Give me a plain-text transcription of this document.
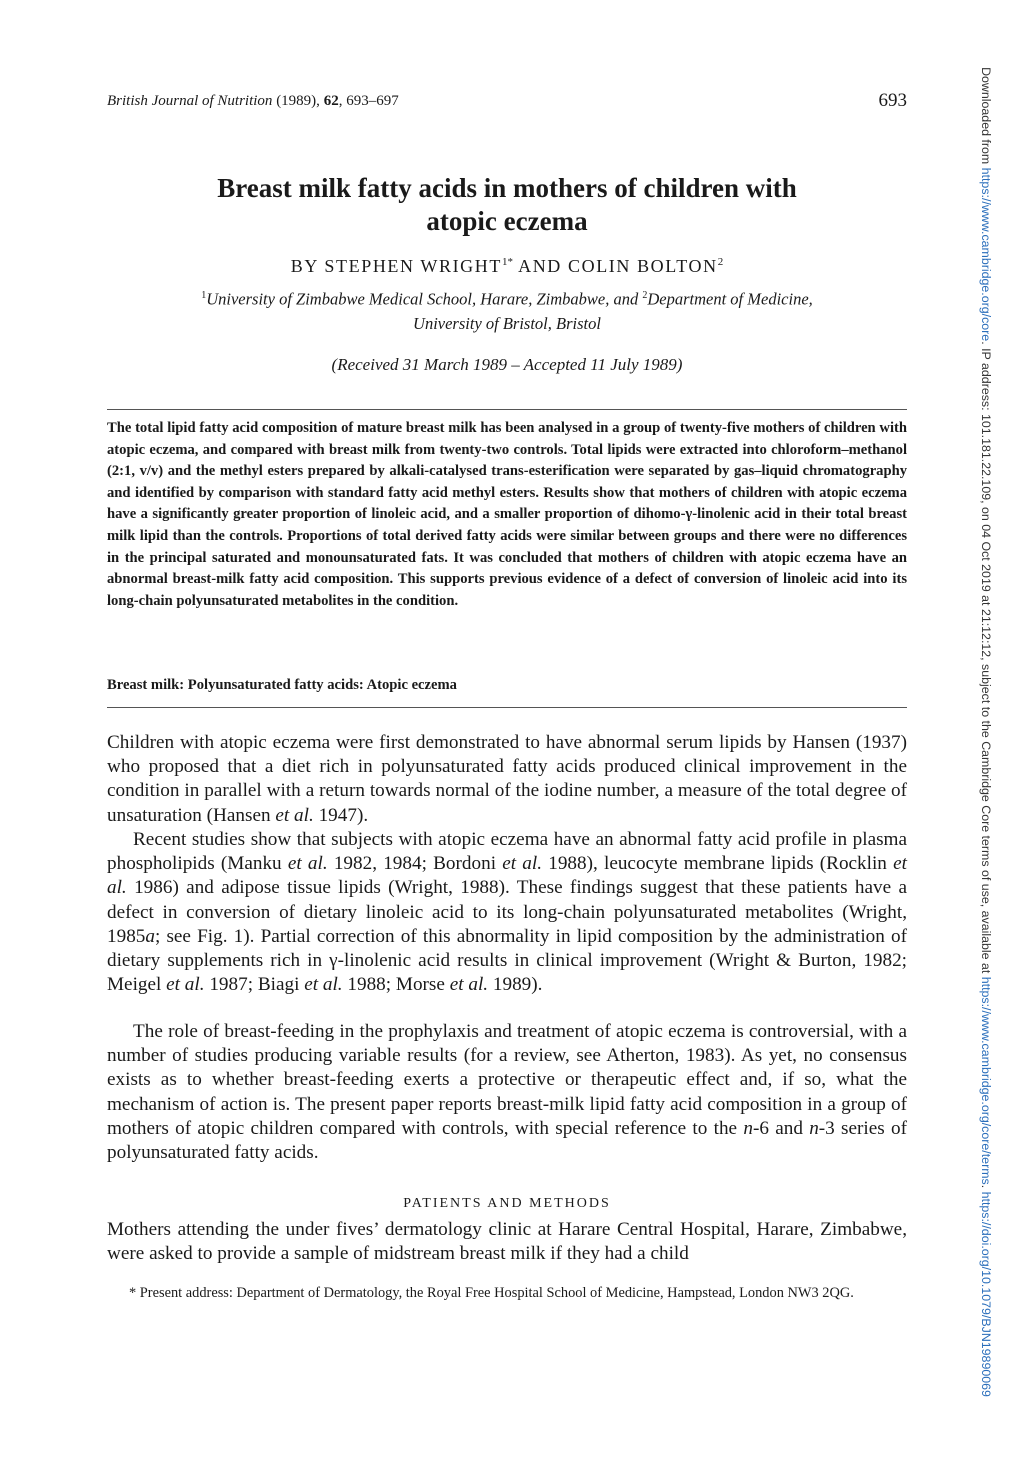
British Journal of Nutrition (1989), 62, 693–697	693
Breast milk fatty acids in mothers of children with
atopic eczema
BY STEPHEN $WRIGHT^{1*}$ AND COLIN BOLTON$^2$
$^1$University of Zimbabwe Medical School, Harare, Zimbabwe, and $^2$Department of Medicine,
University of Bristol, Bristol
(Received 31 March 1989 – Accepted 11 July 1989)

The total lipid fatty acid composition of mature breast milk has been analysed in a group of twenty-five mothers of children with atopic eczema, and compared with breast milk from twenty-two controls. Total lipids were extracted into chloroform–methanol (2:1, v/v) and the methyl esters prepared by alkali-catalysed trans-esterification were separated by gas–liquid chromatography and identified by comparison with standard fatty acid methyl esters. Results show that mothers of children with atopic eczema have a significantly greater proportion of linoleic acid, and a smaller proportion of dihomo-γ-linolenic acid in their total breast milk lipid than the controls. Proportions of total derived fatty acids were similar between groups and there were no differences in the principal saturated and monounsaturated fats. It was concluded that mothers of children with atopic eczema have an abnormal breast-milk fatty acid composition. This supports previous evidence of a defect of conversion of linoleic acid into its long-chain polyunsaturated metabolites in the condition.

Breast milk: Polyunsaturated fatty acids: Atopic eczema

Children with atopic eczema were first demonstrated to have abnormal serum lipids by Hansen (1937) who proposed that a diet rich in polyunsaturated fatty acids produced clinical improvement in the condition in parallel with a return towards normal of the iodine number, a measure of the total degree of unsaturation (Hansen et al. 1947).

Recent studies show that subjects with atopic eczema have an abnormal fatty acid profile in plasma phospholipids (Manku et al. 1982, 1984; Bordoni et al. 1988), leucocyte membrane lipids (Rocklin et al. 1986) and adipose tissue lipids (Wright, 1988). These findings suggest that these patients have a defect in conversion of dietary linoleic acid to its long-chain polyunsaturated metabolites (Wright, 1985a; see Fig. 1). Partial correction of this abnormality in lipid composition by the administration of dietary supplements rich in γ-linolenic acid results in clinical improvement (Wright & Burton, 1982; Meigel et al. 1987; Biagi et al. 1988; Morse et al. 1989).

The role of breast-feeding in the prophylaxis and treatment of atopic eczema is controversial, with a number of studies producing variable results (for a review, see Atherton, 1983). As yet, no consensus exists as to whether breast-feeding exerts a protective or therapeutic effect and, if so, what the mechanism of action is. The present paper reports breast-milk lipid fatty acid composition in a group of mothers of atopic children compared with controls, with special reference to the n-6 and n-3 series of polyunsaturated fatty acids.

PATIENTS AND METHODS

Mothers attending the under fives’ dermatology clinic at Harare Central Hospital, Harare, Zimbabwe, were asked to provide a sample of midstream breast milk if they had a child

* Present address: Department of Dermatology, the Royal Free Hospital School of Medicine, Hampstead, London NW3 2QG.

Downloaded from https://www.cambridge.org/core. IP address: 101.181.22.109, on 04 Oct 2019 at 21:12:12, subject to the Cambridge Core terms of use, available at https://www.cambridge.org/core/terms. https://doi.org/10.1079/BJN19890069
